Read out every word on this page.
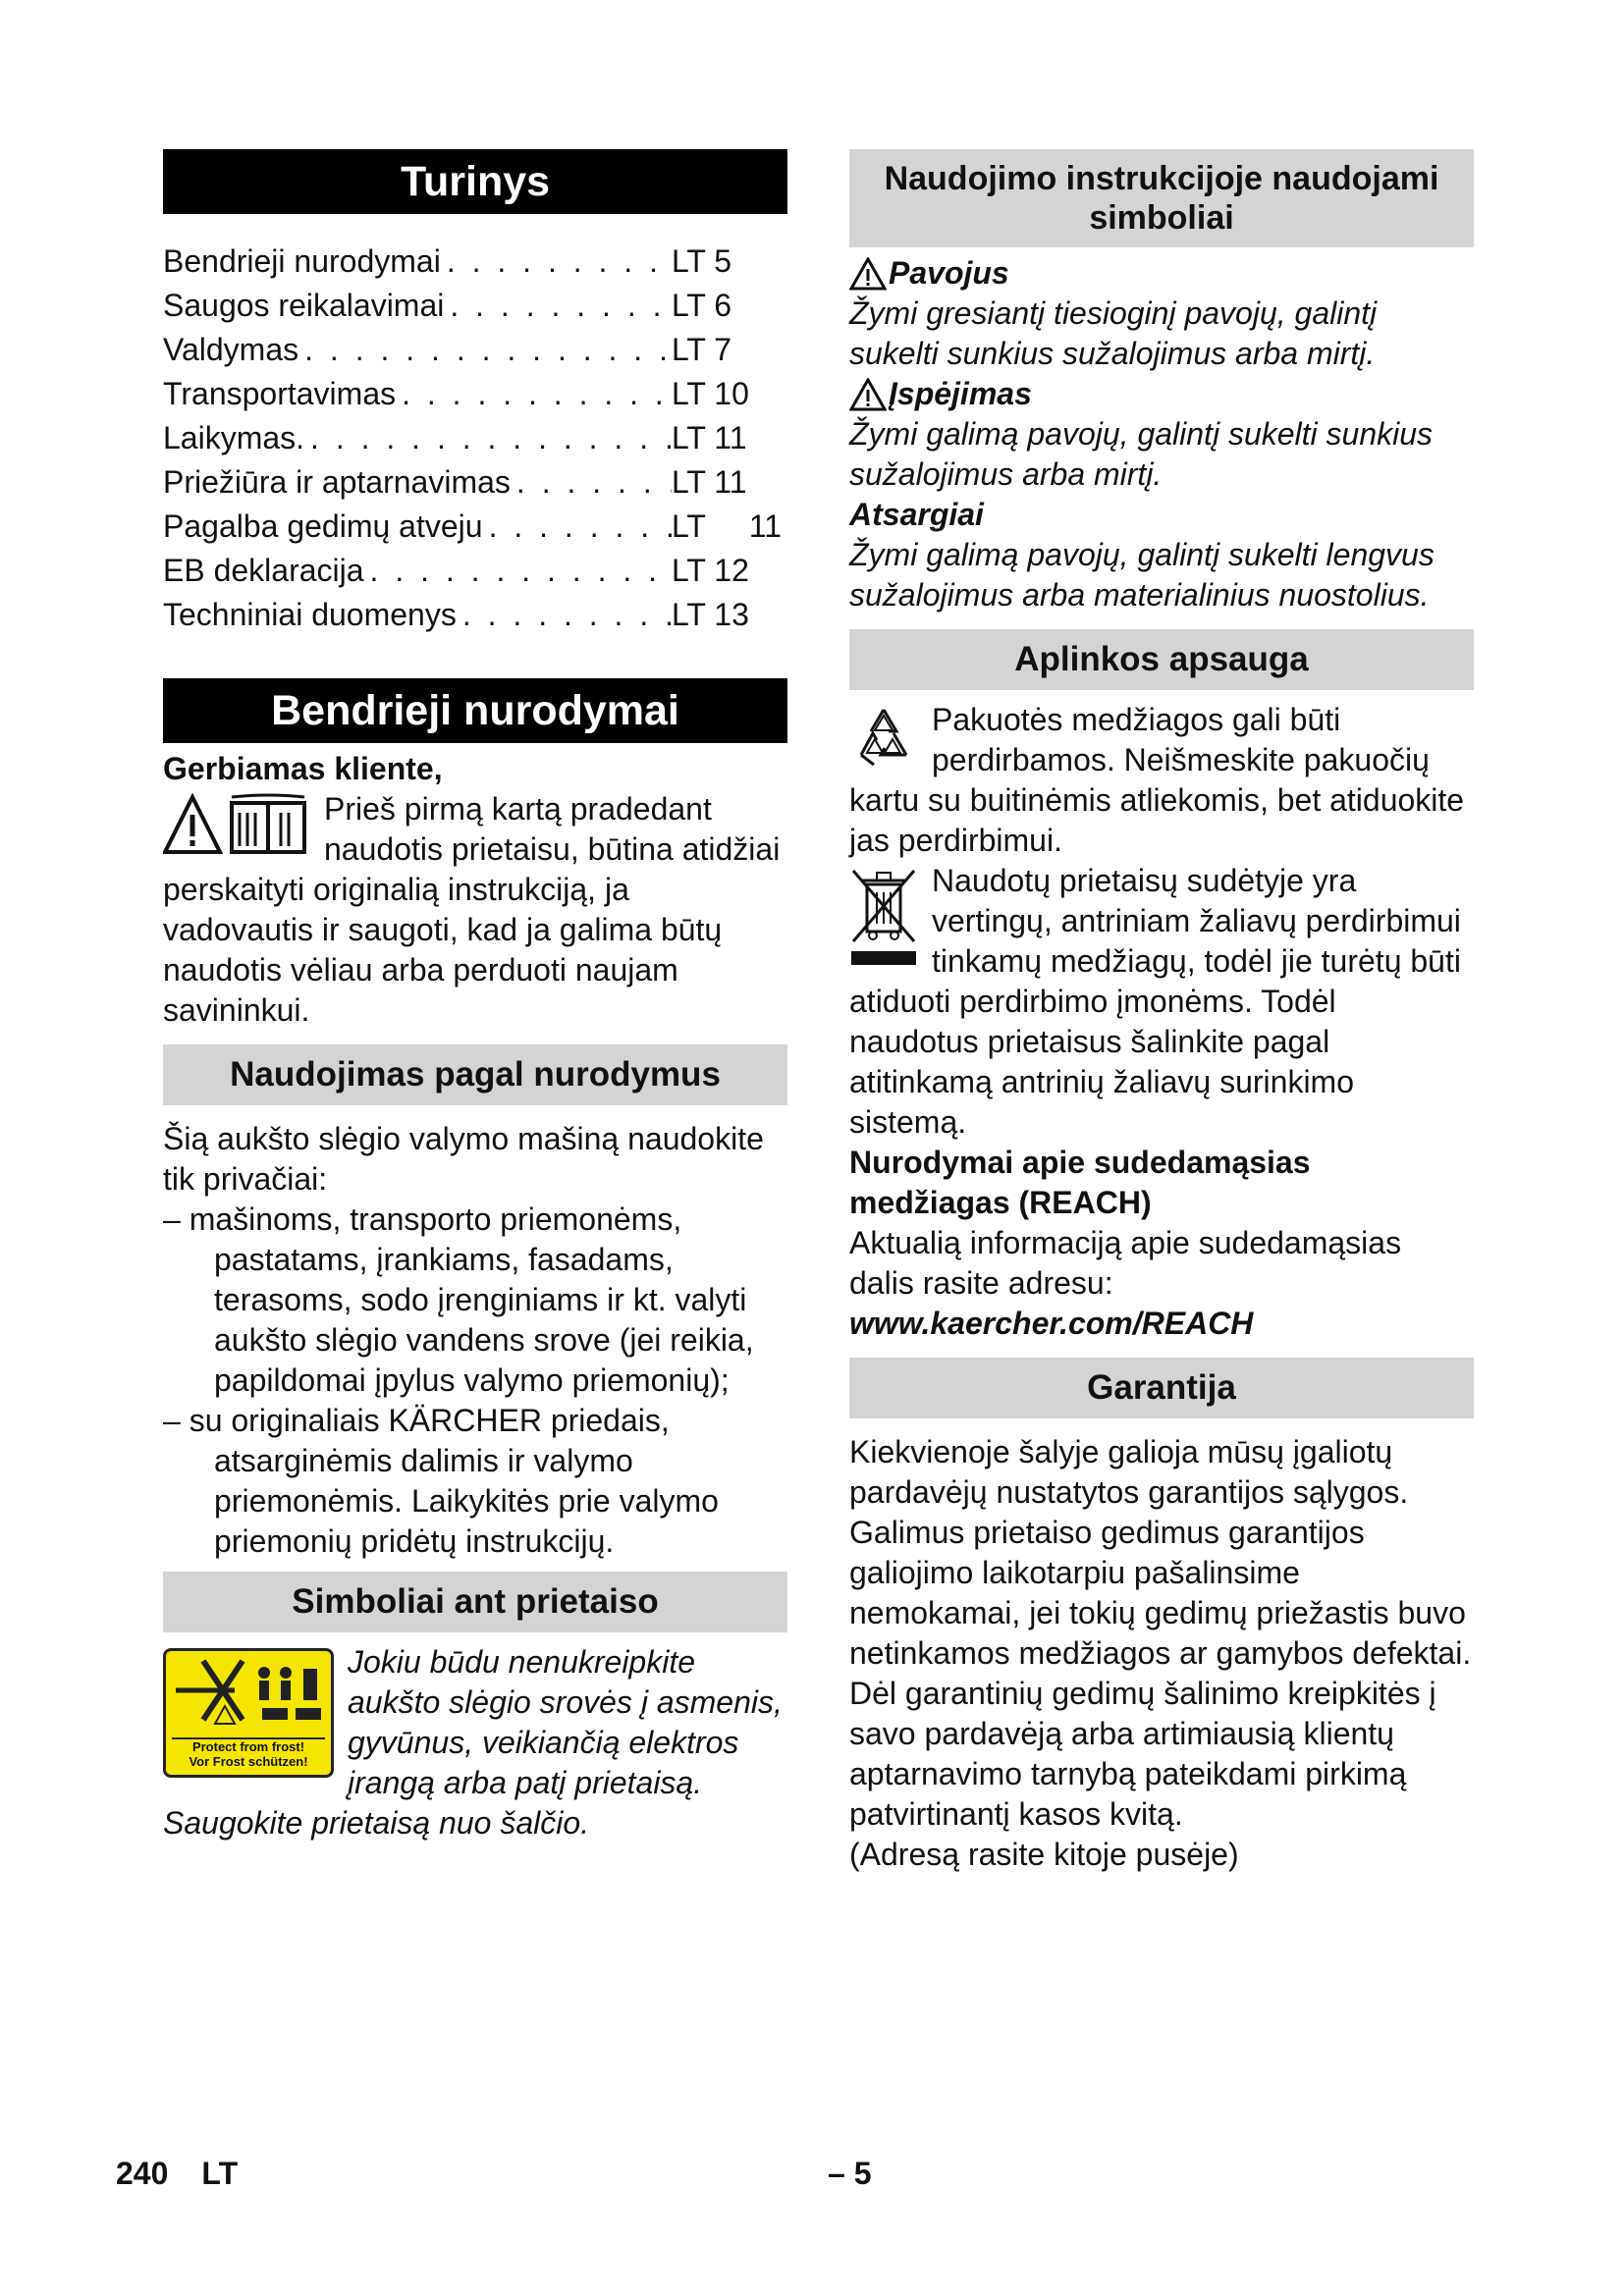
Turinys
Bendrieji nurodymai . . .	LT 5
Saugos reikalavimai . . .	LT 6
Valdymas . . .	LT 7
Transportavimas . . .	LT 10
Laikymas. . . .	LT 11
Priežiūra ir aptarnavimas . . .	LT 11
Pagalba gedimų atveju . . .	LT     11
EB deklaracija . . .	LT 12
Techniniai duomenys . . .	LT 13
Bendrieji nurodymai

Gerbiamas kliente,

Prieš pirmą kartą pradedant naudotis prietaisu, būtina atidžiai perskaityti originalią instrukciją, ja vadovautis ir saugoti, kad ja galima būtų naudotis vėliau arba perduoti naujam savininkui.

Naudojimas pagal nurodymus

Šią aukšto slėgio valymo mašiną naudokite tik privačiai:

– mašinoms, transporto priemonėms, pastatams, įrankiams, fasadams, terasoms, sodo įrenginiams ir kt. valyti aukšto slėgio vandens srove (jei reikia, papildomai įpylus valymo priemonių);
– su originaliais KÄRCHER priedais, atsarginėmis dalimis ir valymo priemonėmis. Laikykitės prie valymo priemonių pridėtų instrukcijų.
Simboliai ant prietaiso
Protect from frost!
Vor Frost schützen!

Jokiu būdu nenukreipkite aukšto slėgio srovės į asmenis, gyvūnus, veikiančią elektros įrangą arba patį prietaisą.

Saugokite prietaisą nuo šalčio.

Naudojimo instrukcijoje naudojami simboliai
Pavojus

Žymi gresiantį tiesioginį pavojų, galintį sukelti sunkius sužalojimus arba mirtį.

Įspėjimas

Žymi galimą pavojų, galintį sukelti sunkius sužalojimus arba mirtį.

Atsargiai

Žymi galimą pavojų, galintį sukelti lengvus sužalojimus arba materialinius nuostolius.

Aplinkos apsauga

Pakuotės medžiagos gali būti perdirbamos. Neišmeskite pakuočių kartu su buitinėmis atliekomis, bet atiduokite jas perdirbimui.

Naudotų prietaisų sudėtyje yra vertingų, antriniam žaliavų perdirbimui tinkamų medžiagų, todėl jie turėtų būti atiduoti perdirbimo įmonėms. Todėl naudotus prietaisus šalinkite pagal atitinkamą antrinių žaliavų surinkimo sistemą.

Nurodymai apie sudedamąsias medžiagas (REACH)

Aktualią informaciją apie sudedamąsias dalis rasite adresu:

www.kaercher.com/REACH

Garantija

Kiekvienoje šalyje galioja mūsų įgaliotų pardavėjų nustatytos garantijos sąlygos. Galimus prietaiso gedimus garantijos galiojimo laikotarpiu pašalinsime nemokamai, jei tokių gedimų priežastis buvo netinkamos medžiagos ar gamybos defektai. Dėl garantinių gedimų šalinimo kreipkitės į savo pardavėją arba artimiausią klientų aptarnavimo tarnybą pateikdami pirkimą patvirtinantį kasos kvitą.

(Adresą rasite kitoje pusėje)

240 LT	– 5
